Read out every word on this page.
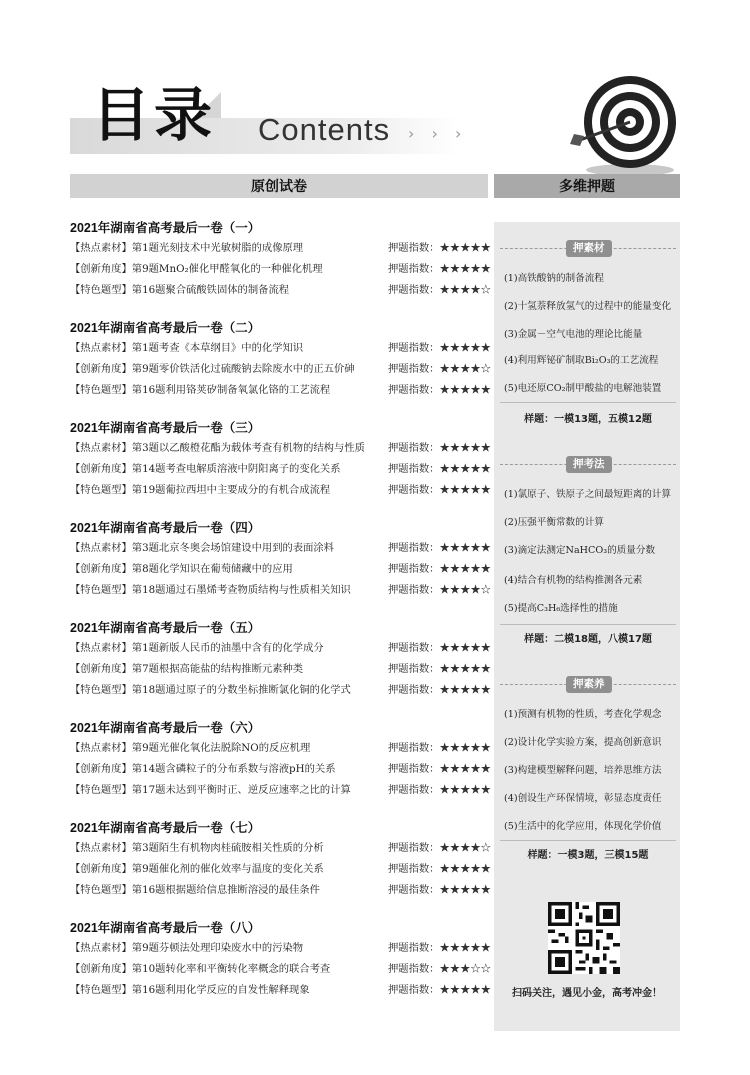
目录 Contents › › ›
原创试卷	多维押题
2021年湖南省高考最后一卷（一）
【热点素材】第1题光刻技术中光敏树脂的成像原理	押题指数：★★★★★
【创新角度】第9题MnO₂催化甲醛氧化的一种催化机理	押题指数：★★★★★
【特色题型】第16题聚合硫酸铁固体的制备流程	押题指数：★★★★☆
2021年湖南省高考最后一卷（二）
【热点素材】第1题考查《本草纲目》中的化学知识	押题指数：★★★★★
【创新角度】第9题零价铁活化过硫酸钠去除废水中的正五价砷	押题指数：★★★★☆
【特色题型】第16题利用铬荚矽制备氧氯化铬的工艺流程	押题指数：★★★★★
2021年湖南省高考最后一卷（三）
【热点素材】第3题以乙酸橙花酯为载体考查有机物的结构与性质 押题指数：★★★★★
【创新角度】第14题考查电解质溶液中阴阳离子的变化关系	押题指数：★★★★★
【特色题型】第19题葡拉西坦中主要成分的有机合成流程	押题指数：★★★★★
2021年湖南省高考最后一卷（四）
【热点素材】第3题北京冬奥会场馆建设中用到的表面涂料	押题指数：★★★★★
【创新角度】第8题化学知识在葡萄储藏中的应用	押题指数：★★★★★
【特色题型】第18题通过石墨烯考查物质结构与性质相关知识	押题指数：★★★★☆
2021年湖南省高考最后一卷（五）
【热点素材】第1题新版人民币的油墨中含有的化学成分	押题指数：★★★★★
【创新角度】第7题根据高能盐的结构推断元素种类	押题指数：★★★★★
【特色题型】第18题通过原子的分数坐标推断氯化铜的化学式	押题指数：★★★★★
2021年湖南省高考最后一卷（六）
【热点素材】第9题光催化氧化法脱除NO的反应机理	押题指数：★★★★★
【创新角度】第14题含磷粒子的分布系数与溶液pH的关系	押题指数：★★★★★
【特色题型】第17题未达到平衡时正、逆反应速率之比的计算	押题指数：★★★★★
2021年湖南省高考最后一卷（七）
【热点素材】第3题陌生有机物肉桂硫胺相关性质的分析	押题指数：★★★★☆
【创新角度】第9题催化剂的催化效率与温度的变化关系	押题指数：★★★★★
【特色题型】第16题根据题给信息推断溶浸的最佳条件	押题指数：★★★★★
2021年湖南省高考最后一卷（八）
【热点素材】第9题芬顿法处理印染废水中的污染物	押题指数：★★★★★
【创新角度】第10题转化率和平衡转化率概念的联合考查	押题指数：★★★☆☆
【特色题型】第16题利用化学反应的自发性解释现象	押题指数：★★★★★
押素材
(1)高铁酸钠的制备流程
(2)十氢萘释放氢气的过程中的能量变化
(3)金属－空气电池的理论比能量
(4)利用辉铋矿制取Bi₂O₃的工艺流程
(5)电还原CO₂制甲酸盐的电解池装置
样题：一模13题，五模12题
押考法
(1)氯原子、铁原子之间最短距离的计算
(2)压强平衡常数的计算
(3)滴定法测定NaHCO₃的质量分数
(4)结合有机物的结构推测各元素
(5)提高C₃H₆选择性的措施
样题：二模18题，八模17题
押素养
(1)预测有机物的性质，考查化学观念
(2)设计化学实验方案，提高创新意识
(3)构建模型解释问题，培养思维方法
(4)创设生产环保情境，彰显态度责任
(5)生活中的化学应用，体现化学价值
样题：一模3题，三模15题
扫码关注，遇见小金，高考冲金！
